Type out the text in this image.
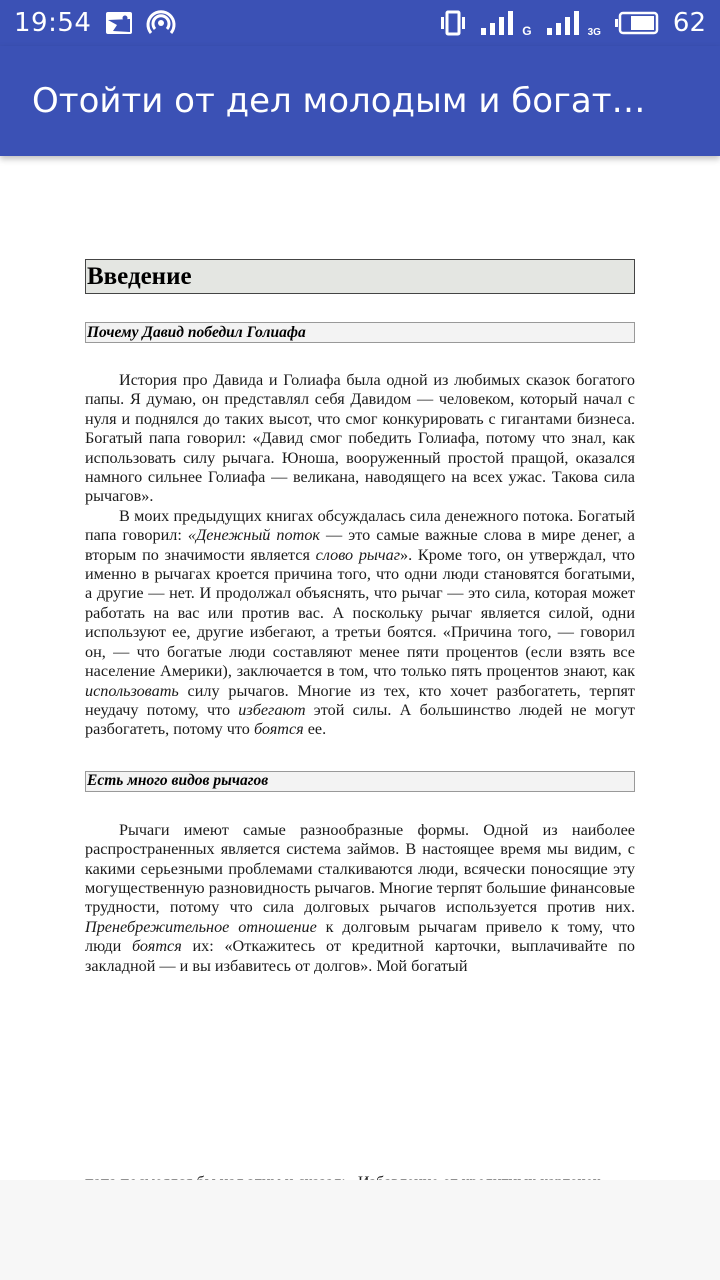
19:54	G	3G	62
Отойти от дел молодым и богат…
Введение
Почему Давид победил Голиафа

История про Давида и Голиафа была одной из любимых сказок богатого папы. Я думаю, он представлял себя Давидом — человеком, который начал с нуля и поднялся до таких высот, что смог конкурировать с гигантами бизнеса. Богатый папа говорил: «Давид смог победить Голиафа, потому что знал, как использовать силу рычага. Юноша, вооруженный простой пращой, оказался намного сильнее Голиафа — великана, наводящего на всех ужас. Такова сила рычагов».

В моих предыдущих книгах обсуждалась сила денежного потока. Богатый папа говорил: «Денежный поток — это самые важные слова в мире денег, а вторым по значимости является слово рычаг». Кроме того, он утверждал, что именно в рычагах кроется причина того, что одни люди становятся богатыми, а другие — нет. И продолжал объяснять, что рычаг — это сила, которая может работать на вас или против вас. А поскольку рычаг является силой, одни используют ее, другие избегают, а третьи боятся. «Причина того, — говорил он, — что богатые люди составляют менее пяти процентов (если взять все население Америки), заключается в том, что только пять процентов знают, как использовать силу рычагов. Многие из тех, кто хочет разбогатеть, терпят неудачу потому, что избегают этой силы. А большинство людей не могут разбогатеть, потому что боятся ее.

Есть много видов рычагов

Рычаги имеют самые разнообразные формы. Одной из наиболее распространенных является система займов. В настоящее время мы видим, с какими серьезными проблемами сталкиваются люди, всячески поносящие эту могущественную разновидность рычагов. Многие терпят большие финансовые трудности, потому что сила долговых рычагов используется против них. Пренебрежительное отношение к долговым рычагам привело к тому, что люди боятся их: «Откажитесь от кредитной карточки, выплачивайте по закладной — и вы избавитесь от долгов». Мой богатый
